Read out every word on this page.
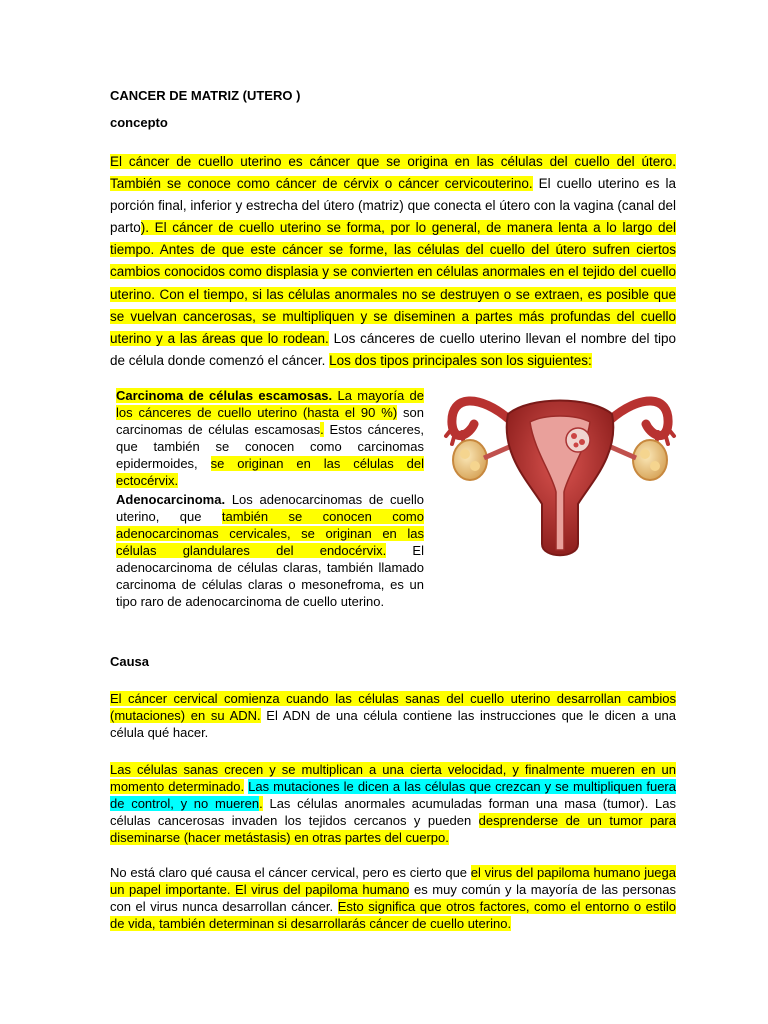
CANCER DE MATRIZ (UTERO )
concepto

El cáncer de cuello uterino es cáncer que se origina en las células del cuello del útero. También se conoce como cáncer de cérvix o cáncer cervicouterino. El cuello uterino es la porción final, inferior y estrecha del útero (matriz) que conecta el útero con la vagina (canal del parto). El cáncer de cuello uterino se forma, por lo general, de manera lenta a lo largo del tiempo. Antes de que este cáncer se forme, las células del cuello del útero sufren ciertos cambios conocidos como displasia y se convierten en células anormales en el tejido del cuello uterino. Con el tiempo, si las células anormales no se destruyen o se extraen, es posible que se vuelvan cancerosas, se multipliquen y se diseminen a partes más profundas del cuello uterino y a las áreas que lo rodean. Los cánceres de cuello uterino llevan el nombre del tipo de célula donde comenzó el cáncer. Los dos tipos principales son los siguientes:

Carcinoma de células escamosas. La mayoría de los cánceres de cuello uterino (hasta el 90 %) son carcinomas de células escamosas. Estos cánceres, que también se conocen como carcinomas epidermoides, se originan en las células del ectocérvix.

Adenocarcinoma. Los adenocarcinomas de cuello uterino, que también se conocen como adenocarcinomas cervicales, se originan en las células glandulares del endocérvix. El adenocarcinoma de células claras, también llamado carcinoma de células claras o mesonefroma, es un tipo raro de adenocarcinoma de cuello uterino.

Causa

El cáncer cervical comienza cuando las células sanas del cuello uterino desarrollan cambios (mutaciones) en su ADN. El ADN de una célula contiene las instrucciones que le dicen a una célula qué hacer.

Las células sanas crecen y se multiplican a una cierta velocidad, y finalmente mueren en un momento determinado. Las mutaciones le dicen a las células que crezcan y se multipliquen fuera de control, y no mueren. Las células anormales acumuladas forman una masa (tumor). Las células cancerosas invaden los tejidos cercanos y pueden desprenderse de un tumor para diseminarse (hacer metástasis) en otras partes del cuerpo.

No está claro qué causa el cáncer cervical, pero es cierto que el virus del papiloma humano juega un papel importante. El virus del papiloma humano es muy común y la mayoría de las personas con el virus nunca desarrollan cáncer. Esto significa que otros factores, como el entorno o estilo de vida, también determinan si desarrollarás cáncer de cuello uterino.
